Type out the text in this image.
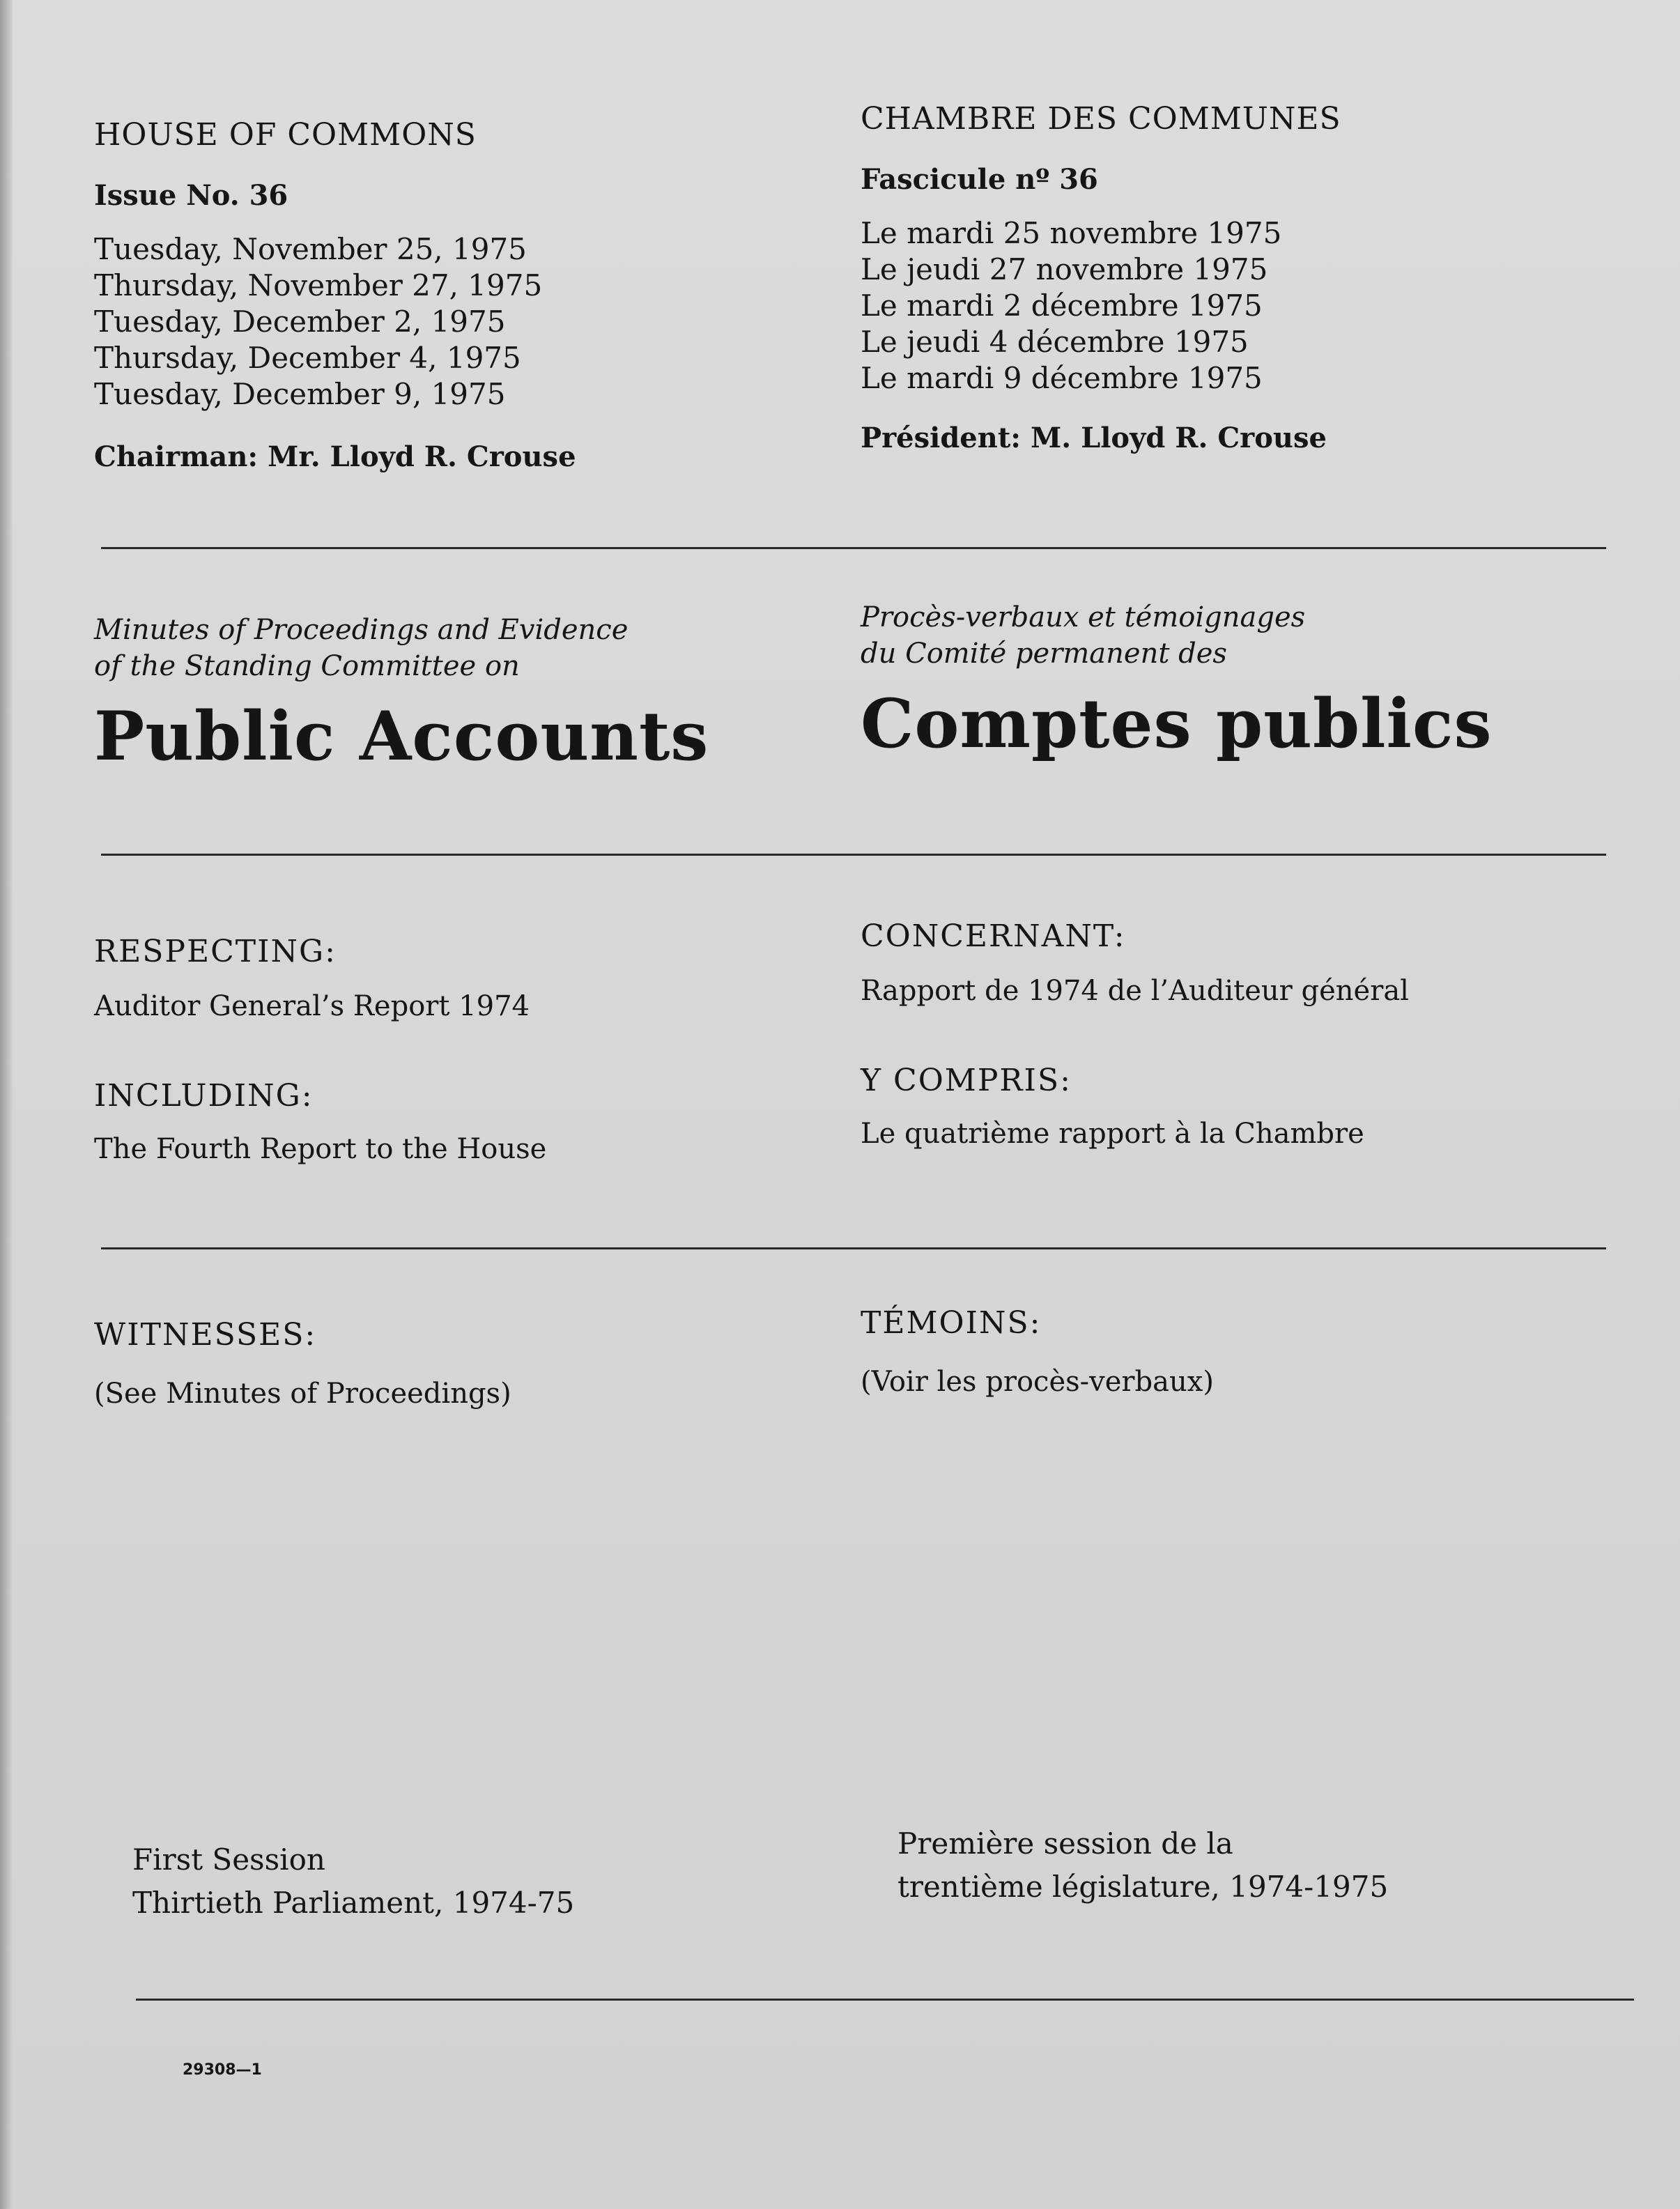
HOUSE OF COMMONS
Issue No. 36
Tuesday, November 25, 1975
Thursday, November 27, 1975
Tuesday, December 2, 1975
Thursday, December 4, 1975
Tuesday, December 9, 1975
Chairman: Mr. Lloyd R. Crouse
CHAMBRE DES COMMUNES
Fascicule nº 36
Le mardi 25 novembre 1975
Le jeudi 27 novembre 1975
Le mardi 2 décembre 1975
Le jeudi 4 décembre 1975
Le mardi 9 décembre 1975
Président: M. Lloyd R. Crouse
Minutes of Proceedings and Evidence
of the Standing Committee on
Public Accounts
Procès-verbaux et témoignages
du Comité permanent des
Comptes publics
RESPECTING:
Auditor General’s Report 1974
INCLUDING:
The Fourth Report to the House
CONCERNANT:
Rapport de 1974 de l’Auditeur général
Y COMPRIS:
Le quatrième rapport à la Chambre
WITNESSES:
(See Minutes of Proceedings)
TÉMOINS:
(Voir les procès-verbaux)
First Session
Thirtieth Parliament, 1974-75
Première session de la
trentième législature, 1974-1975
29308—1
